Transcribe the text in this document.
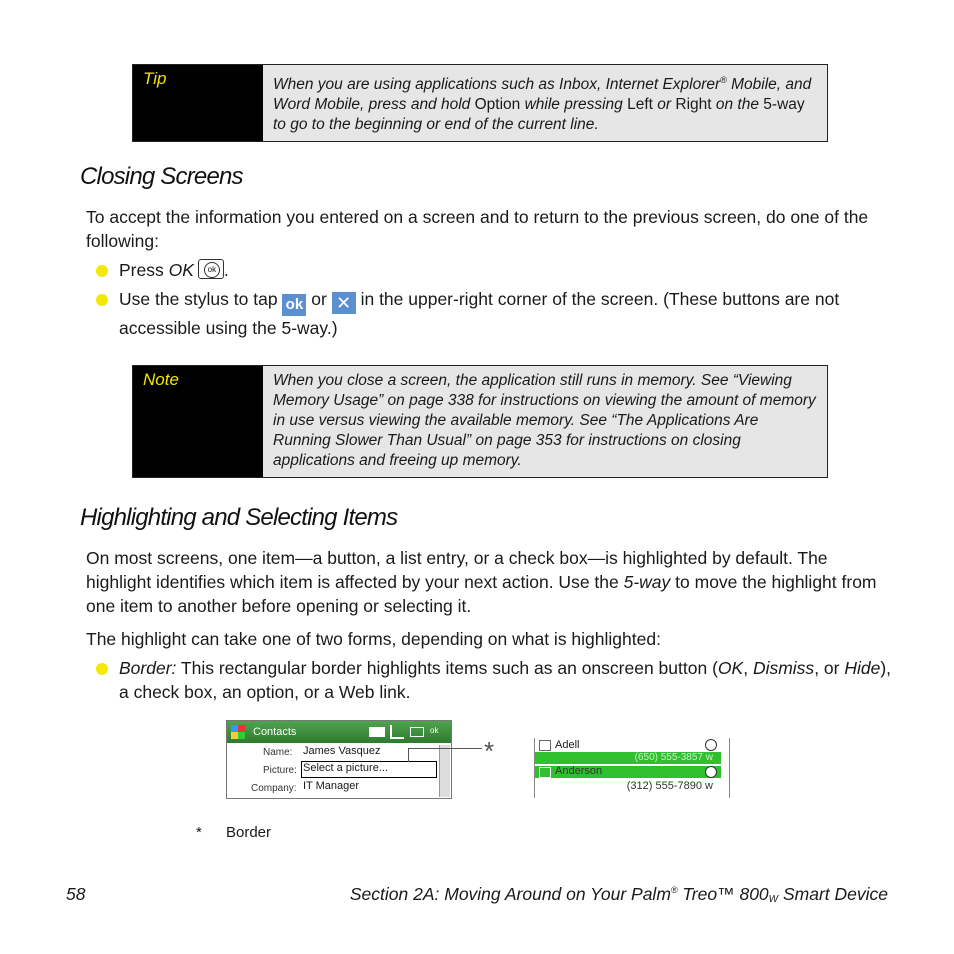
Tip	When you are using applications such as Inbox, Internet Explorer® Mobile, and Word Mobile, press and hold Option while pressing Left or Right on the 5-way to go to the beginning or end of the current line.
Closing Screens

To accept the information you entered on a screen and to return to the previous screen, do one of the following:

Press OKok .
Use the stylus to tap ok or ✕ in the upper-right corner of the screen. (These buttons are not accessible using the 5-way.)
Note	When you close a screen, the application still runs in memory. See “Viewing Memory Usage” on page 338 for instructions on viewing the amount of memory in use versus viewing the available memory. See “The Applications Are Running Slower Than Usual” on page 353 for instructions on closing applications and freeing up memory.
Highlighting and Selecting Items

On most screens, one item—a button, a list entry, or a check box—is highlighted by default. The highlight identifies which item is affected by your next action. Use the 5-way to move the highlight from one item to another before opening or selecting it.

The highlight can take one of two forms, depending on what is highlighted:

Border: This rectangular border highlights items such as an onscreen button (OK, Dismiss, or Hide), a check box, an option, or a Web link.
Contacts	ok
Name: James Vasquez
Picture: Select a picture...
Company: IT Manager
*	Adell
(650) 555-3857 w
Anderson
(312) 555-7890 w
* Border
58	Section 2A: Moving Around on Your Palm® Treo™ $800_W$ Smart Device
